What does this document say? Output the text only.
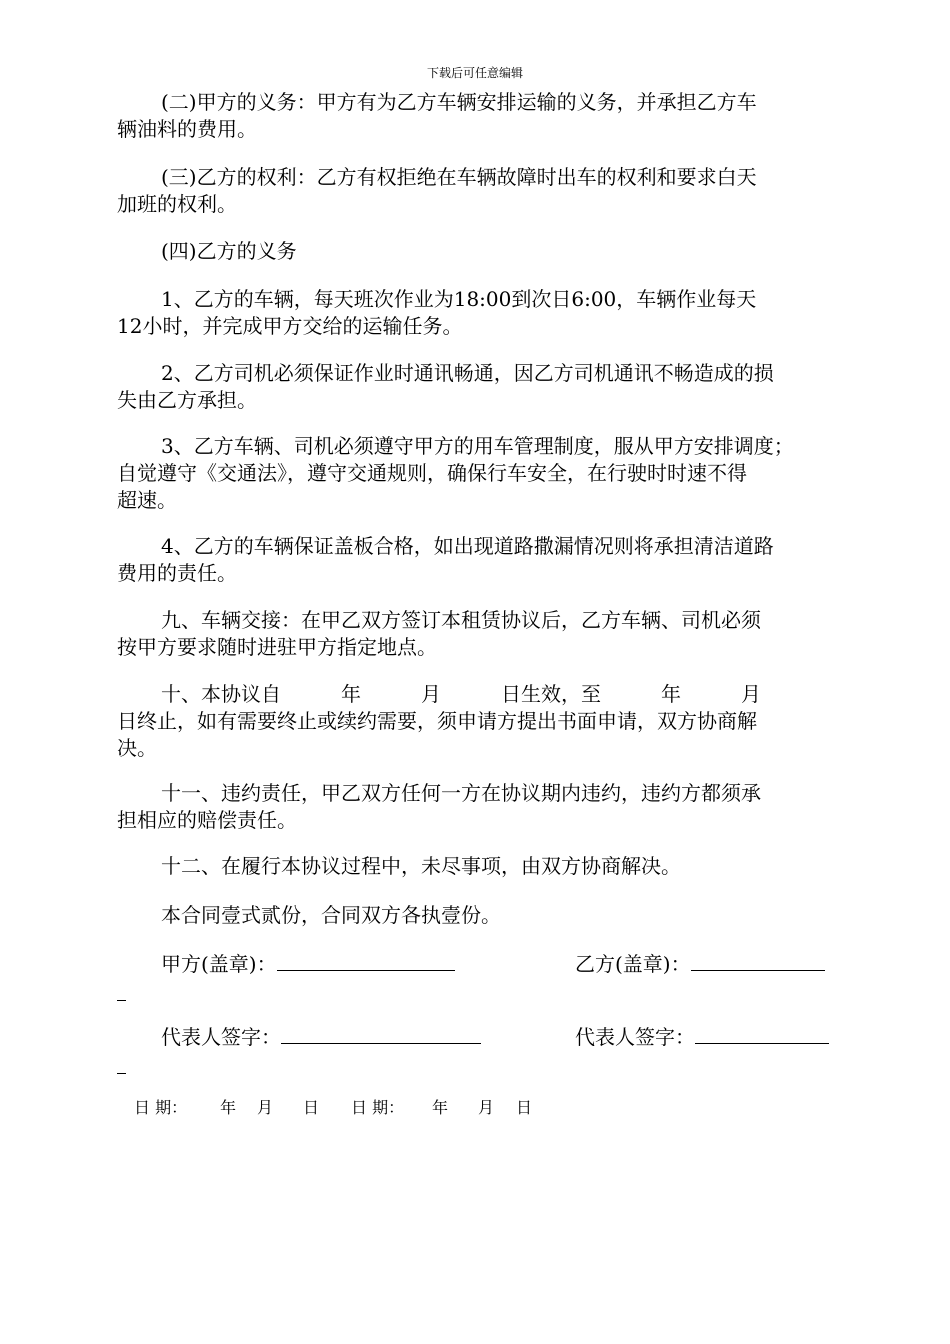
下载后可任意编辑
(二)甲方的义务：甲方有为乙方车辆安排运输的义务，并承担乙方车
辆油料的费用。
(三)乙方的权利：乙方有权拒绝在车辆故障时出车的权利和要求白天
加班的权利。
(四)乙方的义务
1、乙方的车辆，每天班次作业为18:00到次日6:00，车辆作业每天
12小时，并完成甲方交给的运输任务。
2、乙方司机必须保证作业时通讯畅通，因乙方司机通讯不畅造成的损
失由乙方承担。
3、乙方车辆、司机必须遵守甲方的用车管理制度，服从甲方安排调度；
自觉遵守《交通法》，遵守交通规则，确保行车安全，在行驶时时速不得
超速。
4、乙方的车辆保证盖板合格，如出现道路撒漏情况则将承担清洁道路
费用的责任。
九、车辆交接：在甲乙双方签订本租赁协议后，乙方车辆、司机必须
按甲方要求随时进驻甲方指定地点。
十、本协议自　　　年　　　月　　　日生效，至　　　年　　　月
日终止，如有需要终止或续约需要，须申请方提出书面申请，双方协商解
决。
十一、违约责任，甲乙双方任何一方在协议期内违约，违约方都须承
担相应的赔偿责任。
十二、在履行本协议过程中，未尽事项，由双方协商解决。
本合同壹式贰份，合同双方各执壹份。
甲方(盖章)：	乙方(盖章)：
代表人签字：	代表人签字：
日 期： 年 月 日 日 期： 年 月 日
